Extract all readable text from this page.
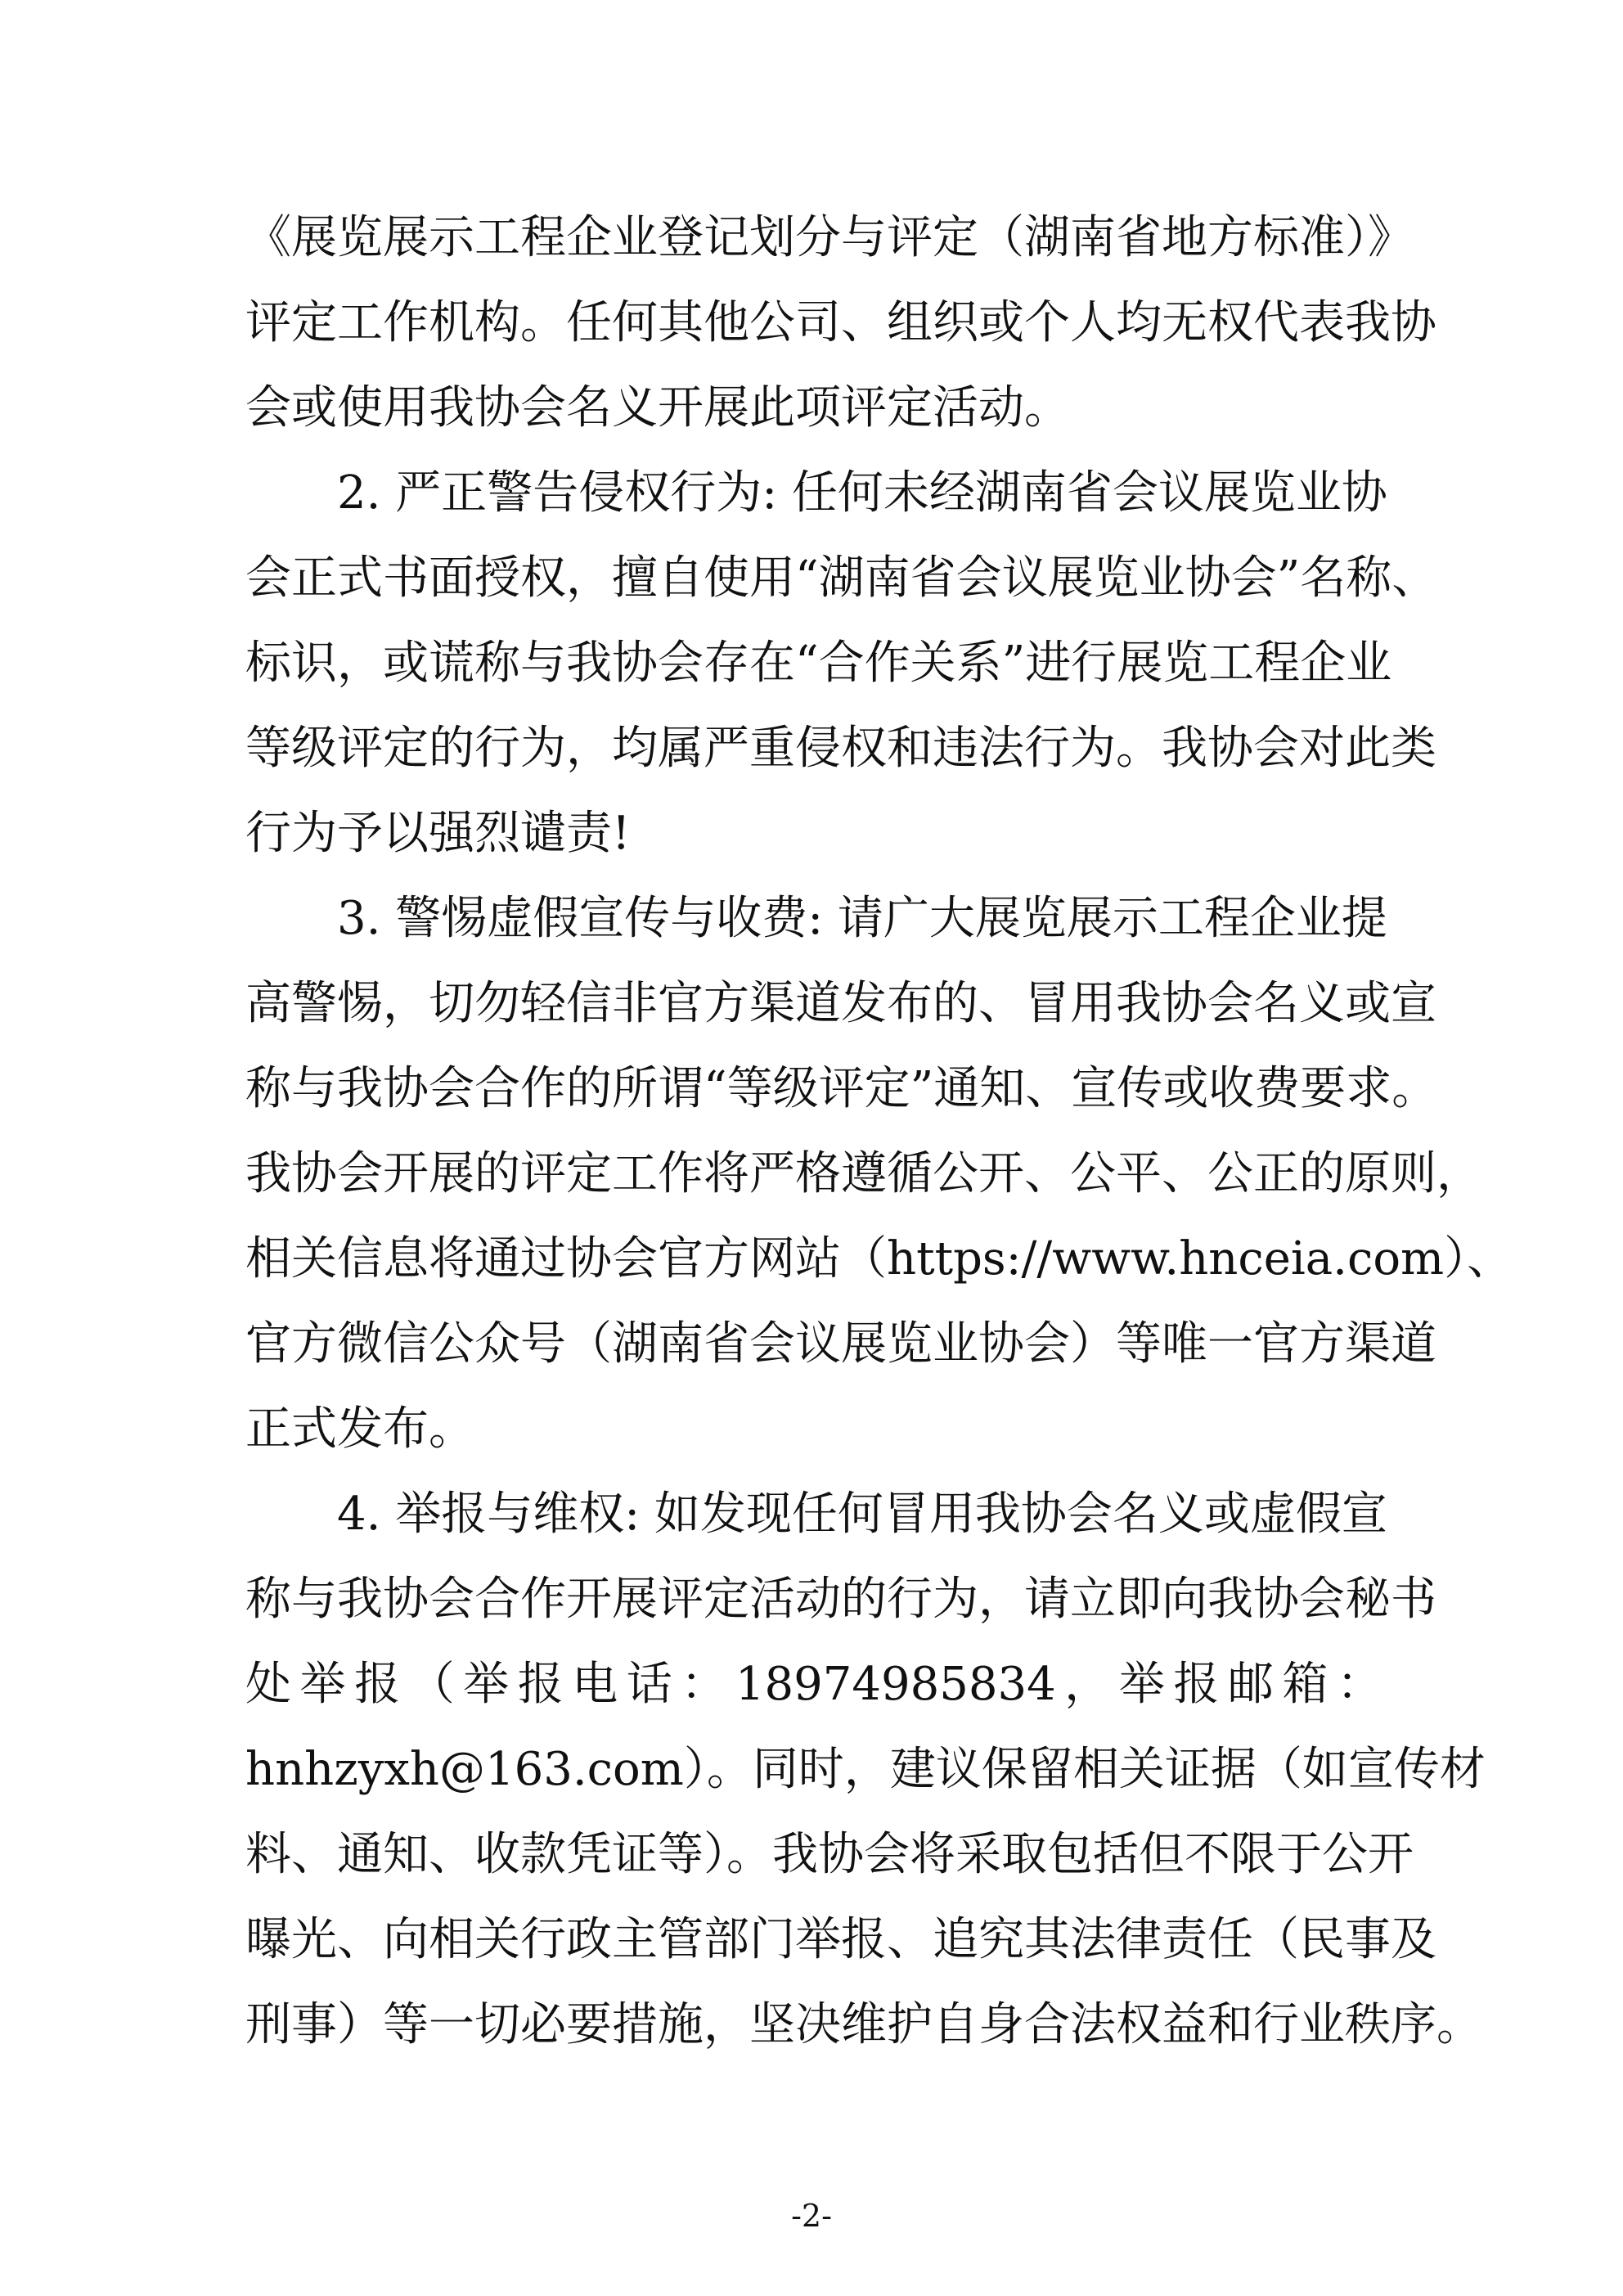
《展览展示工程企业登记划分与评定（湖南省地方标准）》
评定工作机构。任何其他公司、组织或个人均无权代表我协
会或使用我协会名义开展此项评定活动。
2. 严正警告侵权行为: 任何未经湖南省会议展览业协
会正式书面授权，擅自使用“湖南省会议展览业协会”名称、
标识，或谎称与我协会存在“合作关系”进行展览工程企业
等级评定的行为，均属严重侵权和违法行为。我协会对此类
行为予以强烈谴责!
3. 警惕虚假宣传与收费: 请广大展览展示工程企业提
高警惕，切勿轻信非官方渠道发布的、冒用我协会名义或宣
称与我协会合作的所谓“等级评定”通知、宣传或收费要求。
我协会开展的评定工作将严格遵循公开、公平、公正的原则，
相关信息将通过协会官方网站（https://www.hnceia.com）、
官方微信公众号（湖南省会议展览业协会）等唯一官方渠道
正式发布。
4. 举报与维权: 如发现任何冒用我协会名义或虚假宣
称与我协会合作开展评定活动的行为，请立即向我协会秘书
处举报（举报电话：18974985834，举报邮箱：
hnhzyxh@163.com）。同时，建议保留相关证据（如宣传材
料、通知、收款凭证等）。我协会将采取包括但不限于公开
曝光、向相关行政主管部门举报、追究其法律责任（民事及
刑事）等一切必要措施，坚决维护自身合法权益和行业秩序。
-2-
